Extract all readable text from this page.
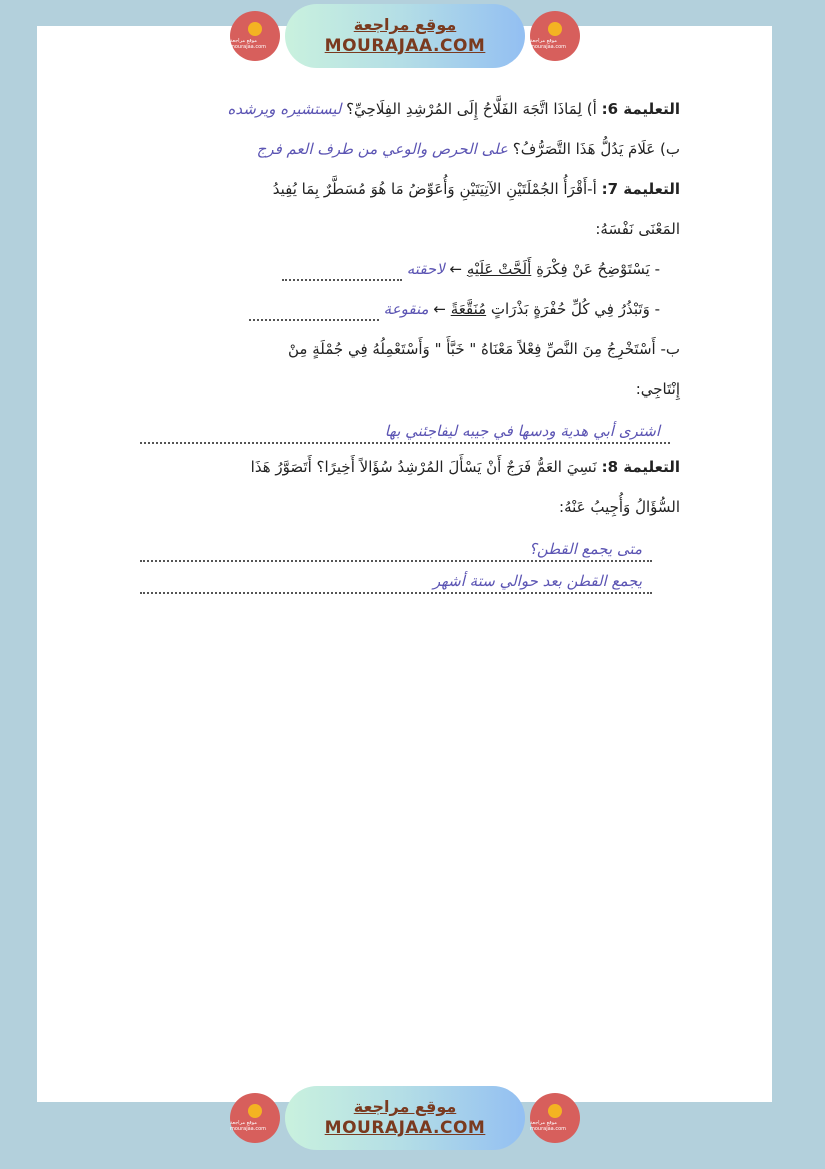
موقع مراجعة mourajaa.com
موقع مراجعة
MOURAJAA.COM	موقع مراجعة mourajaa.com
التعليمة 6: أ) لِمَاذَا اتَّجَهَ الفَلَّاحُ إِلَى المُرْشِدِ الفِلَاحِيِّ؟ ليستشيره ويرشده
ب) عَلَامَ يَدُلُّ هَذَا التَّصَرُّفُ؟ على الحرص والوعي من طرف العم فرج
التعليمة 7: أ-أَقْرَأُ الجُمْلَتَيْنِ الآتِيَتَيْنِ وَأُعَوِّضُ مَا هُوَ مُسَطَّرٌ بِمَا يُفِيدُ
المَعْنَى نَفْسَهُ:
- يَسْتَوْضِحُ عَنْ فِكْرَةِ أَلَحَّتْ عَلَيْهِ ← لاحقته
- وَتَبْذُرُ فِي كُلِّ حُفْرَةٍ بَذْرَاتٍ مُنَقَّعَةً ← منقوعة
ب- أَسْتَخْرِجُ مِنَ النَّصِّ فِعْلاً مَعْنَاهُ " خَبَّأَ " وَأَسْتَعْمِلُهُ فِي جُمْلَةٍ مِنْ
إِنْتَاجِي:
اشترى أبي هدية ودسها في جيبه ليفاجئني بها
التعليمة 8: نَسِيَ العَمُّ فَرَجٌ أَنْ يَسْأَلَ المُرْشِدُ سُؤَالاً أَخِيرًا؟ أَتَصَوَّرُ هَذَا
السُّؤَالُ وَأُجِيبُ عَنْهُ:
متى يجمع القطن؟
يجمع القطن بعد حوالي ستة أشهر
موقع مراجعة mourajaa.com
موقع مراجعة
MOURAJAA.COM	موقع مراجعة mourajaa.com
